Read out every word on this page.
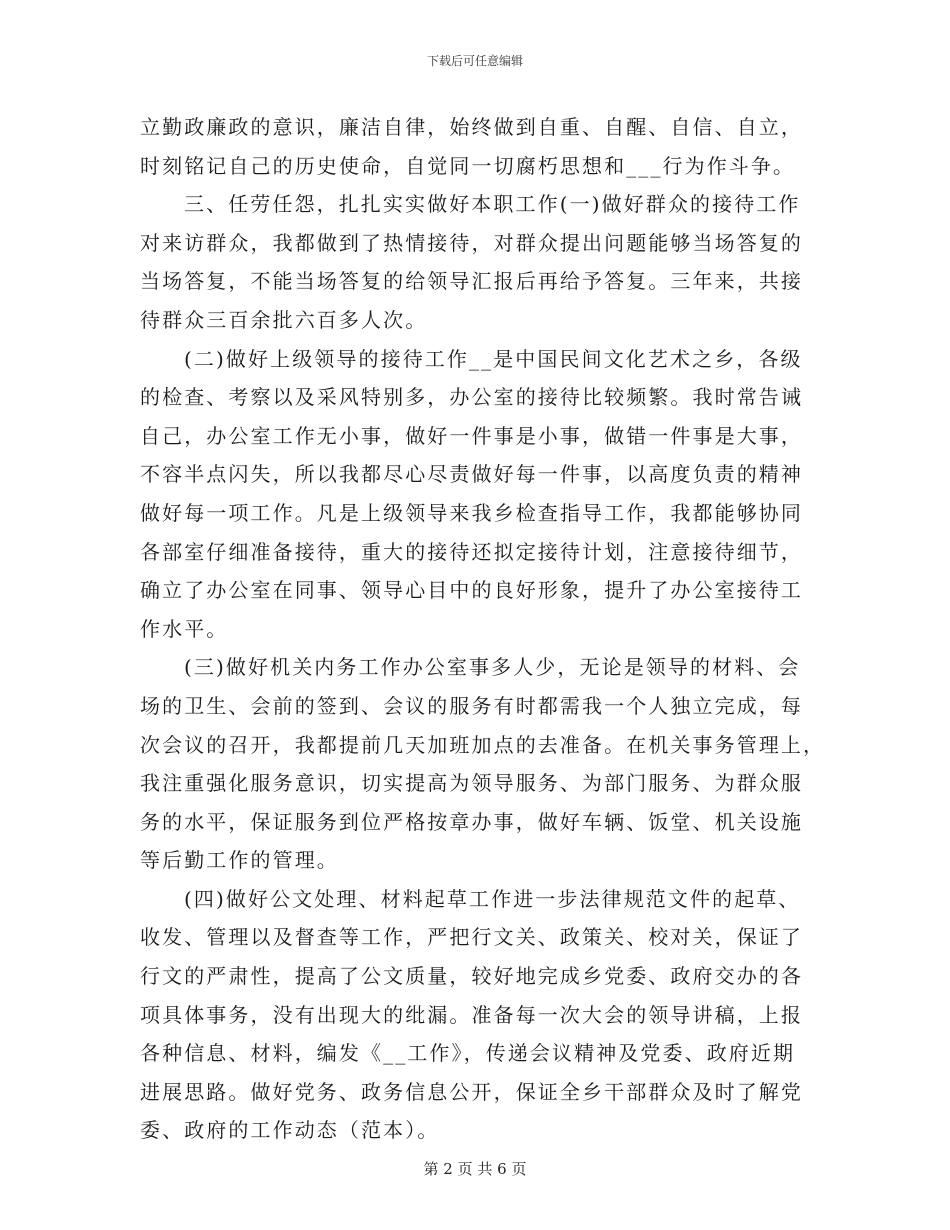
下载后可任意编辑

立勤政廉政的意识，廉洁自律，始终做到自重、自醒、自信、自立，
时刻铭记自己的历史使命，自觉同一切腐朽思想和___行为作斗争。

三、任劳任怨，扎扎实实做好本职工作(一)做好群众的接待工作
对来访群众，我都做到了热情接待，对群众提出问题能够当场答复的
当场答复，不能当场答复的给领导汇报后再给予答复。三年来，共接
待群众三百余批六百多人次。

(二)做好上级领导的接待工作__是中国民间文化艺术之乡，各级
的检查、考察以及采风特别多，办公室的接待比较频繁。我时常告诫
自己，办公室工作无小事，做好一件事是小事，做错一件事是大事，
不容半点闪失，所以我都尽心尽责做好每一件事，以高度负责的精神
做好每一项工作。凡是上级领导来我乡检查指导工作，我都能够协同
各部室仔细准备接待，重大的接待还拟定接待计划，注意接待细节，
确立了办公室在同事、领导心目中的良好形象，提升了办公室接待工
作水平。

(三)做好机关内务工作办公室事多人少，无论是领导的材料、会
场的卫生、会前的签到、会议的服务有时都需我一个人独立完成，每
次会议的召开，我都提前几天加班加点的去准备。在机关事务管理上，
我注重强化服务意识，切实提高为领导服务、为部门服务、为群众服
务的水平，保证服务到位严格按章办事，做好车辆、饭堂、机关设施
等后勤工作的管理。

(四)做好公文处理、材料起草工作进一步法律规范文件的起草、
收发、管理以及督查等工作，严把行文关、政策关、校对关，保证了
行文的严肃性，提高了公文质量，较好地完成乡党委、政府交办的各
项具体事务，没有出现大的纰漏。准备每一次大会的领导讲稿，上报
各种信息、材料，编发《__工作》，传递会议精神及党委、政府近期
进展思路。做好党务、政务信息公开，保证全乡干部群众及时了解党
委、政府的工作动态（范本）。

第 2 页 共 6 页
